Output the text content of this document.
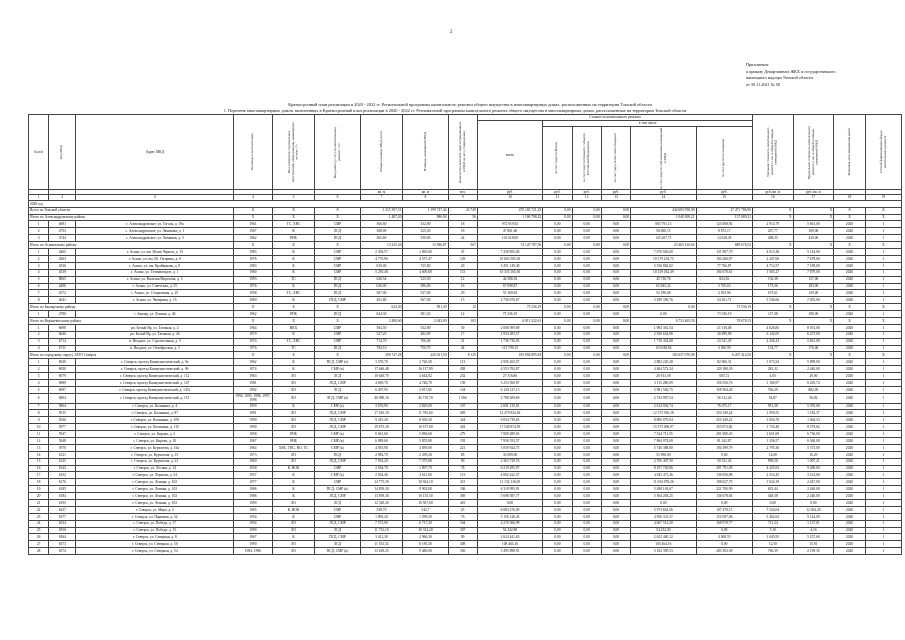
2
Приложение
к приказу Департамента ЖКХ и государственного
жилищного надзора Томской области
от 30.11.2021 № 58
Краткосрочный план реализации в 2020 - 2022 гг. Региональной программы капитального ремонта общего имущества в многоквартирных домах, расположенных на территории Томской области
1. Перечень многоквартирных домов, включенных в Краткосрочный план реализации в 2020 - 2022 гг. Региональной программы капитального ремонта общего имущества в многоквартирных домах, расположенных на территории Томской области
№ п/п	Код МКД	Адрес МКД	Год ввода в эксплуатацию	Вид элементов строительных конструкций, оборудования, инженерных систем <1>	Вид работ (услуг) по капитальному ремонту <2>	Общая площадь МКД, всего	Площадь помещений МКД	Количество жителей, зарегистрированных в МКД на дату утверждения	Стоимость капитального ремонта						Удельная стоимость капитального ремонта 1 кв. м общей площади помещений МКД	Предельная стоимость капитального ремонта 1 кв. м общей площади помещений МКД	Плановая дата завершения работ	Способ формирования фонда капитального ремонта

									всего	в том числе								

										за счет средств Фонда	за счет средств бюджета субъекта Российской Федерации	за счет средств местного бюджета	за счет средств собственников помещений в МКД	за счет других источников				

						кв. м	кв. м	чел.	руб.	руб.	руб.	руб.	руб.	руб.	руб./кв. м	руб./кв. м		
1	2	3	4	5	6	7	8	9	10	11	12	13	14	15	16	17	18	19
2020 год																		
Всего по Томской области			X	X	X	1 315 397,51	1 199 747,44	43 749	470 183 721,25	0,00	0,00	0,00	442 683 958,09	27 471 786,96	X	X	X	X
Итого по Александровскому району			X	X	X	1 487,20	986,90	56	1 186 798,42	0,00	0,00	0,00	1 049 309,21	137 089,21	X	X	X	X
1	4691	с. Александровское, ул. Гоголя, д. 19а	1961	ТС, ХВС	СМР	566,60	332,00	18	972 919,92	0,00	0,00	0,00	865 791,13	123 068,94	2 914,79	5 661,00	2020	1
2	4753	с. Александровское, ул. Лачинова, д. 1	1967	К	ЛСД	308,00	325,30	18	47 861,60	0,00	0,00	0,00	58 680,15	8 872,17	207,77	189,00	2020	1
3	4744	с. Александровское, ул. Химиков, д. 5	1962	ВЧБ	ПСД	365,60	330,60	24	101 618,00	0,00	0,00	0,00	125 267,71	14 618,45	408,35	410,00	2020	1
Итого по Асиновскому району			X	X	X	13 235,26	13 586,87	567	74 125 787,56	0,00	0,00	0,00	23 465 410,64	689 676,52	X	X	X	X
1	4465	г. Асино, ул. им. Юлии Чернов, д. 13	1983	К	СМР	2 394,57	1 865,00	47	7 250 855,00	0,00	0,00	0,00	7 070 026,00	131 987,79	4 015,38	5 144,00	2020	1
2	4563	г. Асино, ул. им. Ю. Гагарина, д. 6	1976	К	СМР	4 770,96	4 557,47	129	10 663 505,63	0,00	0,00	0,00	10 179 234,75	104 266,87	2 447,06	7 678,00	2020	1
3	4536	г. Асино, ул. им. Крайванова, д. 8	1983	К	СМР	810,00	725,80	20	5 451 149,40	0,00	0,00	0,00	5 536 882,82	77 766,87	4 714,57	7 189,00	2020	1
4	4539	г. Асино, ул. Тезенвичадзе, д. 1	1960	К	СМР	5 250,48	4 600,60	115	10 335 165,56	0,00	0,00	0,00	10 139 032,49	194 670,61	1 565,27	7 879,00	2020	1
5	8065	г. Асино, ул. Василия Морозова, д. 5	1993	ТС	ПСД	626,54	525,50	12	44 586,92	0,00	0,00	0,00	45 730,76	824,16	136,38	137,00	2020	1
6	4490	г. Асино, ул. Советская, д. 55	1976	К	ПСД	626,00	586,00	16	67 098,87	0,00	0,00	0,00	65 845,22	3 765,63	175,36	183,00	2020	1
7	4572	г. Асино, ул. Стадионная, д. 25	1958	ТС, ХВС	ПСД	567,00	537,00	29	55 169,84	0,00	0,00	0,00	52 180,68	2 053,96	107,61	129,00	2020	1
8	4641	г. Асино, ул. Чичерина, д. 15	1969	К	ПСД, СМР	201,80	567,00	15	2 756 076,67	0,00	0,00	0,00	2 299 356,76	34 161,71	5 536,66	7 055,00	2020	1
Итого по Бакчарскому району			X	X	X	624,30	581,30	12	75 336,19	0,00	0,00	0,00	0,00	73 536,19	X	X	X	X
1	4780	с. Бакчар, ул. Ленина, д. 46	1962	ВЧБ	ПСД	624,30	581,30	12	75 336,19	0,00	0,00	0,00	0,00	73 536,19	117,38	180,00	2020	1
Итого по Верхнекетскому району			X	X	X	2 480,60	2 043,00	103	6 813 332,61	0,00	0,00	0,00	6 733 465,50	78 678,15	X	X	X	X
1	6698	рп. Белый Яр, ул. Таежная, д. 2	1964	ВКХ	СМР	564,50	532,00	30	2 008 509,69	0,00	0,00	0,00	1 983 361,54	21 116,48	4 026,83	8 031,00	2020	1
2	6646	рп. Белый Яр, ул. Таежная, д. 44	1979	К	СМР	527,20	482,00	17	2 954 283,57	0,00	0,00	0,00	2 926 654,96	30 099,90	6 142,05	6 237,00	2020	1
3	6714	п. Ягодное, ул. Строительная, д. 5	1974	ТС, ХВС	СМР	714,70	706,00	21	1 736 736,93	0,00	0,00	0,00	1 710 434,68	23 521,29	2 436,23	5 661,00	2020	1
4	6711	п. Ягодное, ул. Октябрьская, д. 5	1976	ТС	ПСД	784,10	750,70	44	113 790,15	0,00	0,00	0,00	110 048,56	3 300,59	154,77	176,00	2020	1
Итого по городскому округу ЗАТО Северск			X	X	X	290 747,28	245 021,50	8 129	185 894 895,84	0,00	0,00	0,00	185 637 070,98	6 207 414,50	X	X	X	X
1	6920	г. Северск, проезд Коммунистический, д. 9а	1962	К	ПСД, СМР (к)	3 570,70	2 726,30	113	2 956 265,57	0,00	0,00	0,00	2 882 220,28	82 006,31	1 073,54	5 899,00	2020	1
2	6950	г. Северск, проезд Коммунистический, д. 9б	1974	К	СМР (к)	17 646,48	16 137,89	458	4 553 782,87	0,00	0,00	0,00	4 404 572,34	129 180,39	281,32	2 440,00	2020	1
3	6979	г. Северск, проезд Коммунистический, д. 112	1963	ЛО	ЛСД	10 640,70	4 644,82	232	27 116,86	0,00	0,00	0,00	26 913,58	605,72	4,05	29,00	2020	1
4	6989	г. Северск, проезд Коммунистический, д. 147	1981	ЛО	ЛСД, СМР	4 609,70	4 746,70	139	3 253 560,87	0,00	0,00	0,00	3 115 286,09	156 556,76	1 106,97	8 205,74	2020	1
5	6997	г. Северск, проезд Коммунистический, д. 147а	1992	ЛО	ЛСД	6 497,95	5 817,85	144	6 120 137,13	0,00	0,00	0,00	5 981 562,75	158 504,28	766,29	882,05	2020	1
6	6904	г. Северск, проезд Коммунистический, д. 151	1994, 1995, 1996, 1997, 1998	ЛО	ЛСД, СМР (к)	46 980,10	45 710,70	1 566	2 798 209,60	0,00	0,00	0,00	2 743 987,54	56 512,26	54,87	56,82	2020	1
7	5864	г. Северск, ул. Калинина, д. 4	1959	К	СМР (к)	3 676,90	2 829,00	107	2 691 135,91	0,00	0,00	0,00	2 614 954,74	76 675,17	951,38	5 076,00	2020	1
8	5915	г. Северск, ул. Калинина, д. 87	1991	ЛО	ЛСД, СМР	17 265,10	11 783,60	405	12 479 834,56	0,00	0,00	0,00	12 175 916,18	354 549,24	1 059,55	1 182,37	2020	1
9	5926	г. Северск, ул. Калинина, д. 109	1990	ЛО	ЛСД, СМР	9 415,20	8 565,30	324	9 054 739,65	0,00	0,00	0,00	8 800 075,04	255 349,22	1 054,78	1 064,33	2020	1
10	5977	г. Северск, ул. Калинина, д. 115	1990	ЛО	ЛСД, СМР	19 675,30	10 157,00	402	17 540 874,59	0,00	0,00	0,00	15 375 006,97	353 873,82	1 725,49	8 579,62	2020	1
11	5947	г. Северск, ул. Кирова, д. 2	1958	ВЧБ	СМР (к)	6 041,60	5 836,60	279	7 808 289,65	0,00	0,00	0,00	7 524 711,55	281 980,43	2 651,69	6 736,00	2020	1
12	5948	г. Северск, ул. Кирова, д. 10	1967	ВЧБ	СМР (к)	6 089,60	5 855,80	192	7 936 553,57	0,00	0,00	0,00	7 864 974,69	81 342,87	1 336,57	6 360,00	2020	1
13	5970	г. Северск, ул. Курчатова, д. 16а	1964	ХВС, ГВС, ВО, ТС	СМР (к)	4 055,90	3 859,00	221	5 050 924,75	0,00	0,00	0,00	5 746 389,00	194 599,79	2 795,36	5 373,00	2020	1
14	6121	г. Северск, ул. Курчатова, д. 15	1973	ЛО	ПСД	2 982,70	2 299,20	85	33 089,00	0,00	0,00	0,00	31 890,00	0,00	14,08	16,29	2020	1
15	6125	г. Северск, ул. Курчатова, д. 21	1969	ЛО	ЛСД, СМР	7 954,20	7 375,80	99	2 363 739,76	0,00	0,00	0,00	2 700 407,50	50 531,26	998,56	1 007,21	2020	1
16	6143	г. Северск, ул. Лесная, д. 14	1958	К, ВОК	СМР	2 564,70	1 897,70	78	6 219 495,97	0,00	0,00	0,00	8 107 703,86	281 791,09	4 425,63	9 400,00	2020	1
17	6152	г. Северск, ул. Лермонт, д. 54	1957	К	СМР (к)	2 562,40	2 611,00	113	4 892 422,37	0,00	0,00	0,00	4 945 471,46	136 956,88	2 314,45	3 414,00	2020	1
18	6176	г. Северск, ул. Ленина, д. 102	1977	К	СМР	14 775,50	10 924,10	415	11 132 116,05	0,00	0,00	0,00	11 034 078,26	198 027,79	1 024,19	2 447,00	2020	1
19	6185	г. Северск, ул. Ленина, д. 102	1986	К	ПСД, СМР (к)	14 839,30	9 902,00	336	6 319 995,91	0,00	0,00	0,00	5 498 163,67	221 700,99	635,44	2 440,00	2020	1
20	6184	г. Северск, ул. Ленина, д. 102	1986	К	ЛСД, СМР	13 859,30	10 135,50	369	5 698 587,77	0,00	0,00	0,00	5 564 203,25	136 678,84	548,38	2 440,00	2020	1
21	6195	г. Северск, ул. Ленина, д. 102	1990	ЛО	ЛСД	12 320,20	10 567,60	416	0,00	0,00	0,00	0,00	0,00	0,00	0,00	0,00	2020	1
22	6237	г. Северск, ул. Мира, д. 2	1965	К, ВОК	СМР	538,70	542,7	25	6 083 276,00	0,00	0,00	0,00	5 973 824,56	107 470,15	7 524,04	12 054,20	2020	1
23	6377	г. Северск, ул. Парковая, д. 22	1954	К	СМР	1 895,20	1 599,50	76	5 156 128,43	0,00	0,00	0,00	4 956 331,37	152 097,06	5 402,63	5 144,00	2020	1
24	6534	г. Северск, ул. Победа, д. 17	1994	ЛО	ЛСД, СМР	7 573,90	6 717,20	164	4 276 566,99	0,00	0,00	0,00	4 667 513,20	168 978,77	711,24	1 137,01	2020	1
25	6550	г. Северск, ул. Победа, д. 15	1990	ЛО	ЛСД	11 732,10	10 314,20	307	54 232,80	0,00	0,00	0,00	54 232,00	0,00	5,10	4,16	2020	1
26	6564	г. Северск, ул. Северная, д. 8	1967	К	ПСД, СМР	3 412,30	2 966,30	99	2 624 441,65	0,00	0,00	0,00	2 623 440,12	4 000,55	1 045,95	5 257,60	2020	1
27	6573	г. Северск, ул. Северная, д. 50	1990	ЛО	ЛСД	11 553,32	8 185,30	308	108 464,16	0,00	0,00	0,00	105 464,16	0,00	12,50	15,81	2020	1
28	6574	г. Северск, ул. Северная, д. 54	1994, 1996	ЛО	ПСД, СМР (к)	13 629,25	9 480,00	356	5 495 898,91	0,00	0,00	0,00	5 182 395,53	283 503,38	766,39	2 199,35	2020	1
